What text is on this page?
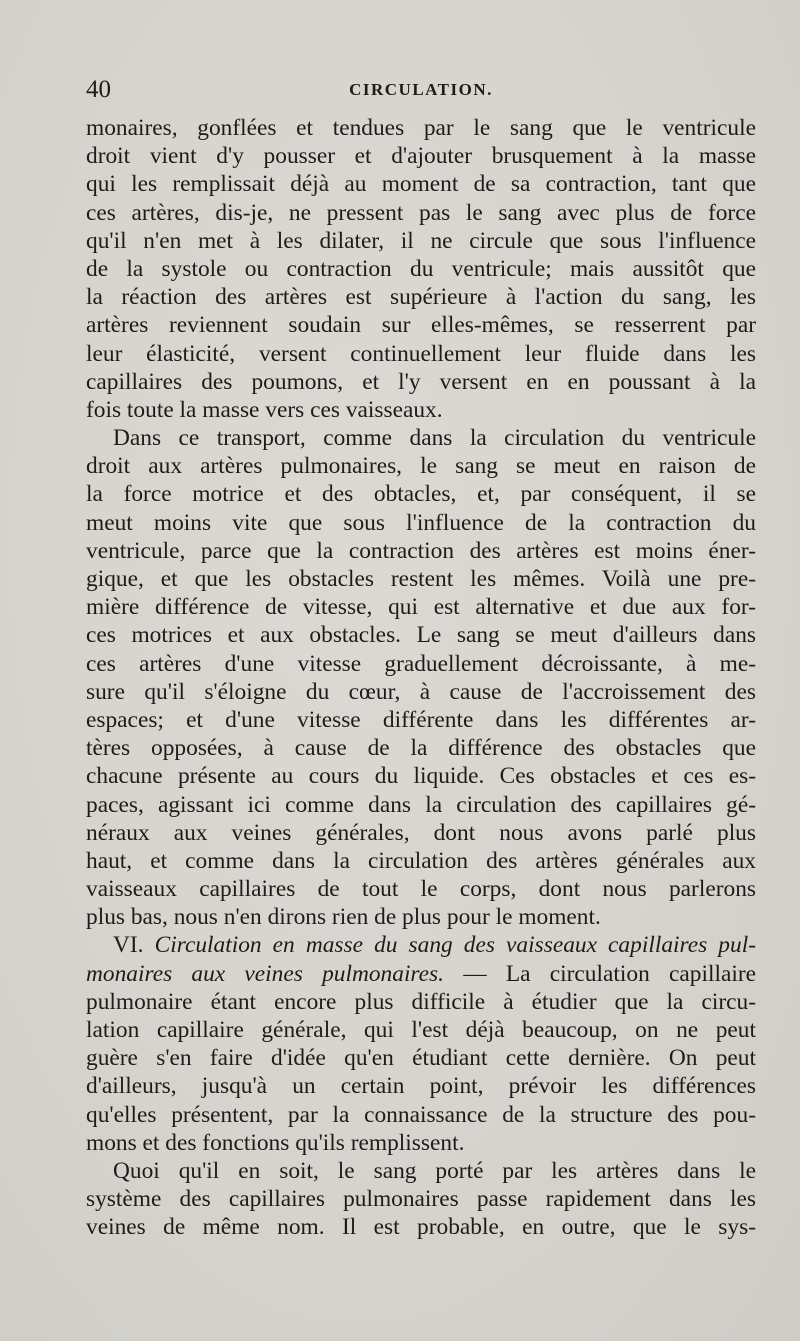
40	CIRCULATION.
monaires, gonflées et tendues par le sang que le ventricule
droit vient d'y pousser et d'ajouter brusquement à la masse
qui les remplissait déjà au moment de sa contraction, tant que
ces artères, dis-je, ne pressent pas le sang avec plus de force
qu'il n'en met à les dilater, il ne circule que sous l'influence
de la systole ou contraction du ventricule; mais aussitôt que
la réaction des artères est supérieure à l'action du sang, les
artères reviennent soudain sur elles-mêmes, se resserrent par
leur élasticité, versent continuellement leur fluide dans les
capillaires des poumons, et l'y versent en en poussant à la
fois toute la masse vers ces vaisseaux.
Dans ce transport, comme dans la circulation du ventricule
droit aux artères pulmonaires, le sang se meut en raison de
la force motrice et des obtacles, et, par conséquent, il se
meut moins vite que sous l'influence de la contraction du
ventricule, parce que la contraction des artères est moins éner-
gique, et que les obstacles restent les mêmes. Voilà une pre-
mière différence de vitesse, qui est alternative et due aux for-
ces motrices et aux obstacles. Le sang se meut d'ailleurs dans
ces artères d'une vitesse graduellement décroissante, à me-
sure qu'il s'éloigne du cœur, à cause de l'accroissement des
espaces; et d'une vitesse différente dans les différentes ar-
tères opposées, à cause de la différence des obstacles que
chacune présente au cours du liquide. Ces obstacles et ces es-
paces, agissant ici comme dans la circulation des capillaires gé-
néraux aux veines générales, dont nous avons parlé plus
haut, et comme dans la circulation des artères générales aux
vaisseaux capillaires de tout le corps, dont nous parlerons
plus bas, nous n'en dirons rien de plus pour le moment.
VI. Circulation en masse du sang des vaisseaux capillaires pul-
monaires aux veines pulmonaires. — La circulation capillaire
pulmonaire étant encore plus difficile à étudier que la circu-
lation capillaire générale, qui l'est déjà beaucoup, on ne peut
guère s'en faire d'idée qu'en étudiant cette dernière. On peut
d'ailleurs, jusqu'à un certain point, prévoir les différences
qu'elles présentent, par la connaissance de la structure des pou-
mons et des fonctions qu'ils remplissent.
Quoi qu'il en soit, le sang porté par les artères dans le
système des capillaires pulmonaires passe rapidement dans les
veines de même nom. Il est probable, en outre, que le sys-
